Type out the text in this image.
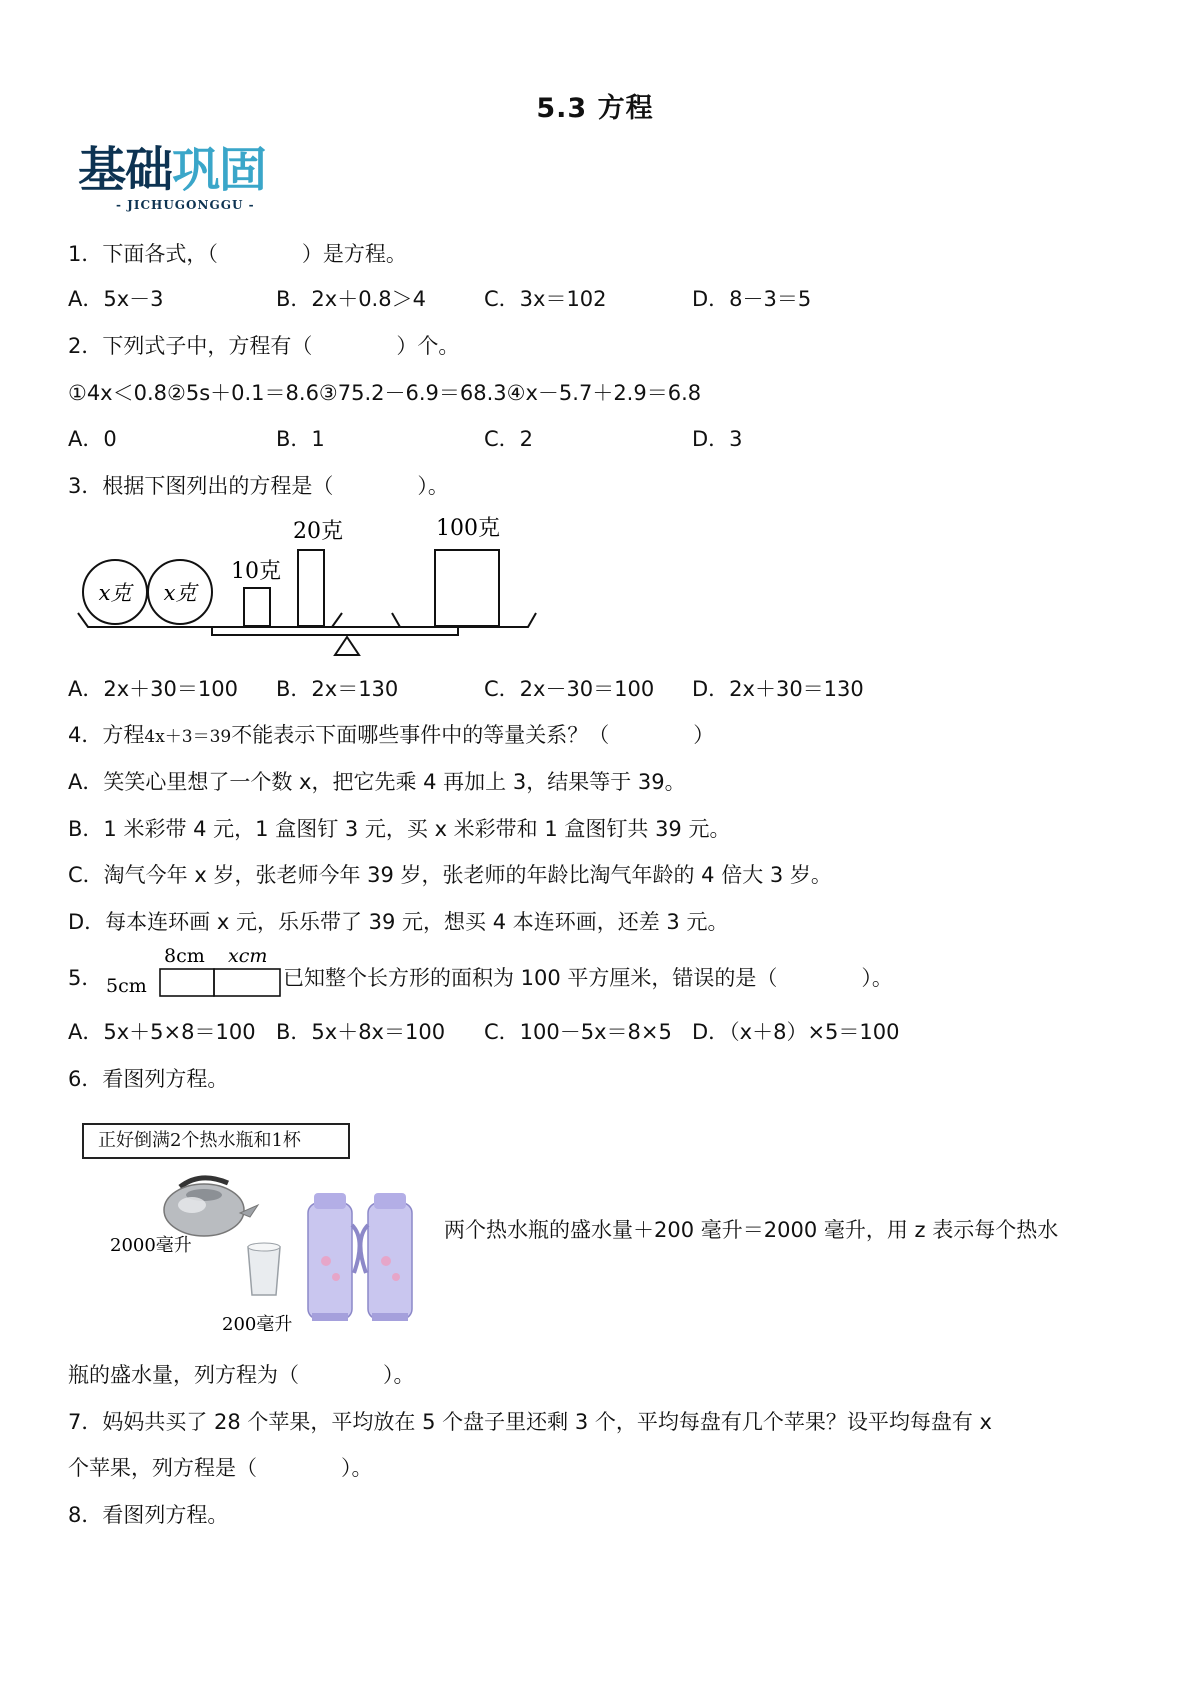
5.3 方程
基础巩固
- JICHUGONGGU -
1．下面各式，（　　　　）是方程。
A．5x－3	B．2x＋0.8＞4	C．3x＝102	D．8－3＝5
2．下列式子中，方程有（　　　　）个。
①4x＜0.8②5s＋0.1＝8.6③75.2－6.9＝68.3④x－5.7＋2.9＝6.8
A．0	B．1	C．2	D．3
3．根据下图列出的方程是（　　　　）。
x克 x克
10克
20克	100克
A．2x＋30＝100 B．2x＝130	C．2x－30＝100 D．2x＋30＝130
4．方程4x＋3＝39不能表示下面哪些事件中的等量关系？（　　　　）
A．笑笑心里想了一个数 x，把它先乘 4 再加上 3，结果等于 39。
B．1 米彩带 4 元，1 盒图钉 3 元，买 x 米彩带和 1 盒图钉共 39 元。
C．淘气今年 x 岁，张老师今年 39 岁，张老师的年龄比淘气年龄的 4 倍大 3 岁。
D．每本连环画 x 元，乐乐带了 39 元，想买 4 本连环画，还差 3 元。
5． 5cm
8cm xcm
已知整个长方形的面积为 100 平方厘米，错误的是（　　　　）。
A．5x＋5×8＝100 B．5x＋8x＝100 C．100－5x＝8×5 D．（x＋8）×5＝100
6．看图列方程。
正好倒满2个热水瓶和1杯
2000毫升
200毫升
两个热水瓶的盛水量＋200 毫升＝2000 毫升，用 z 表示每个热水
瓶的盛水量，列方程为（　　　　）。
7．妈妈共买了 28 个苹果，平均放在 5 个盘子里还剩 3 个，平均每盘有几个苹果？设平均每盘有 x
个苹果，列方程是（　　　　）。
8．看图列方程。
